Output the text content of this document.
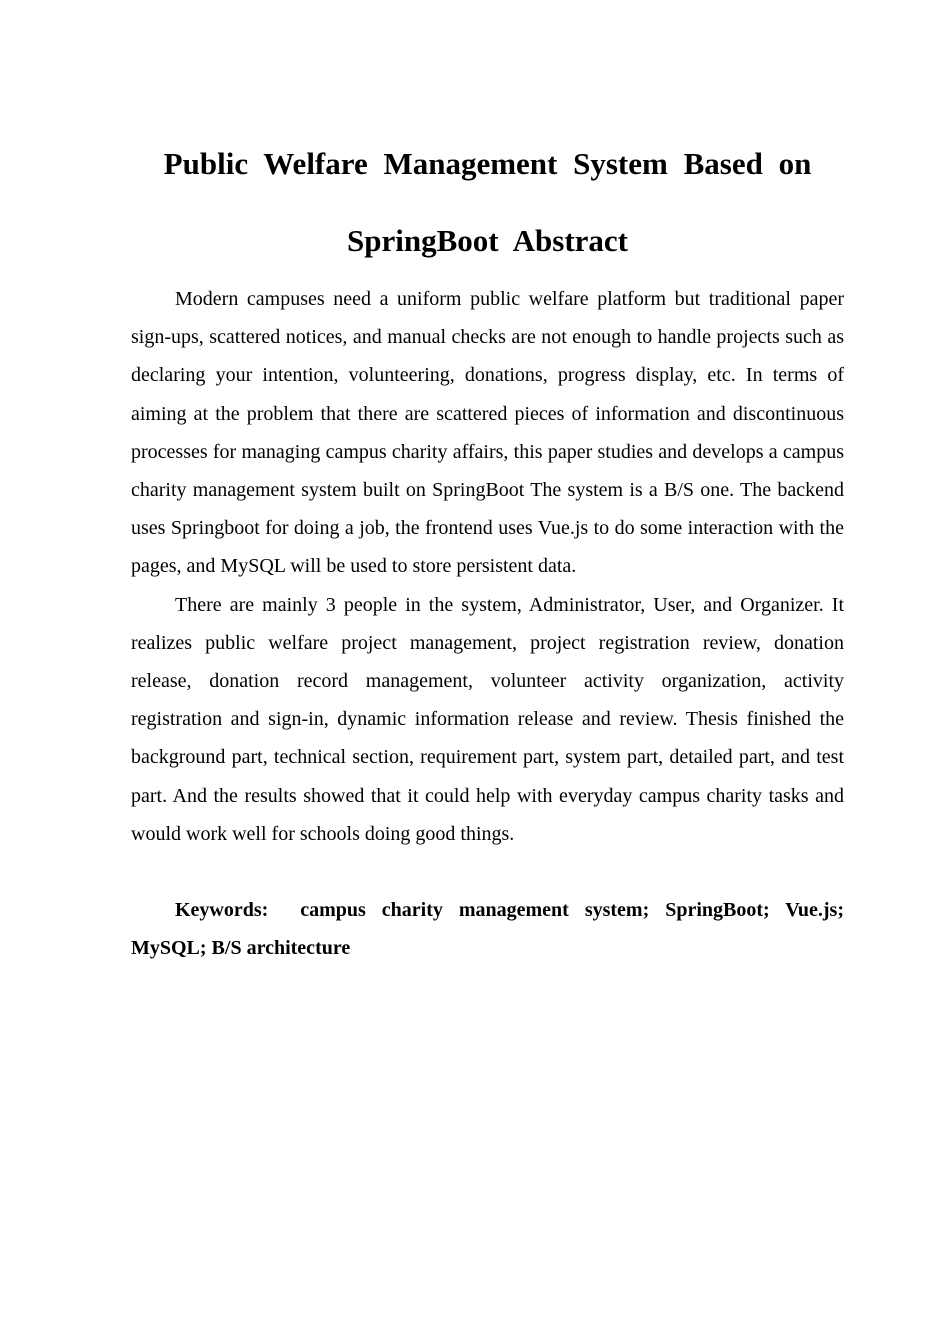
Public Welfare Management System Based on
SpringBoot Abstract

Modern campuses need a uniform public welfare platform but traditional paper sign-ups, scattered notices, and manual checks are not enough to handle projects such as declaring your intention, volunteering, donations, progress display, etc. In terms of aiming at the problem that there are scattered pieces of information and discontinuous processes for managing campus charity affairs, this paper studies and develops a campus charity management system built on SpringBoot The system is a B/S one. The backend uses Springboot for doing a job, the frontend uses Vue.js to do some interaction with the pages, and MySQL will be used to store persistent data.

There are mainly 3 people in the system, Administrator, User, and Organizer. It realizes public welfare project management, project registration review, donation release, donation record management, volunteer activity organization, activity registration and sign-in, dynamic information release and review. Thesis finished the background part, technical section, requirement part, system part, detailed part, and test part. And the results showed that it could help with everyday campus charity tasks and would work well for schools doing good things.

Keywords: campus charity management system; SpringBoot; Vue.js; MySQL; B/S architecture
